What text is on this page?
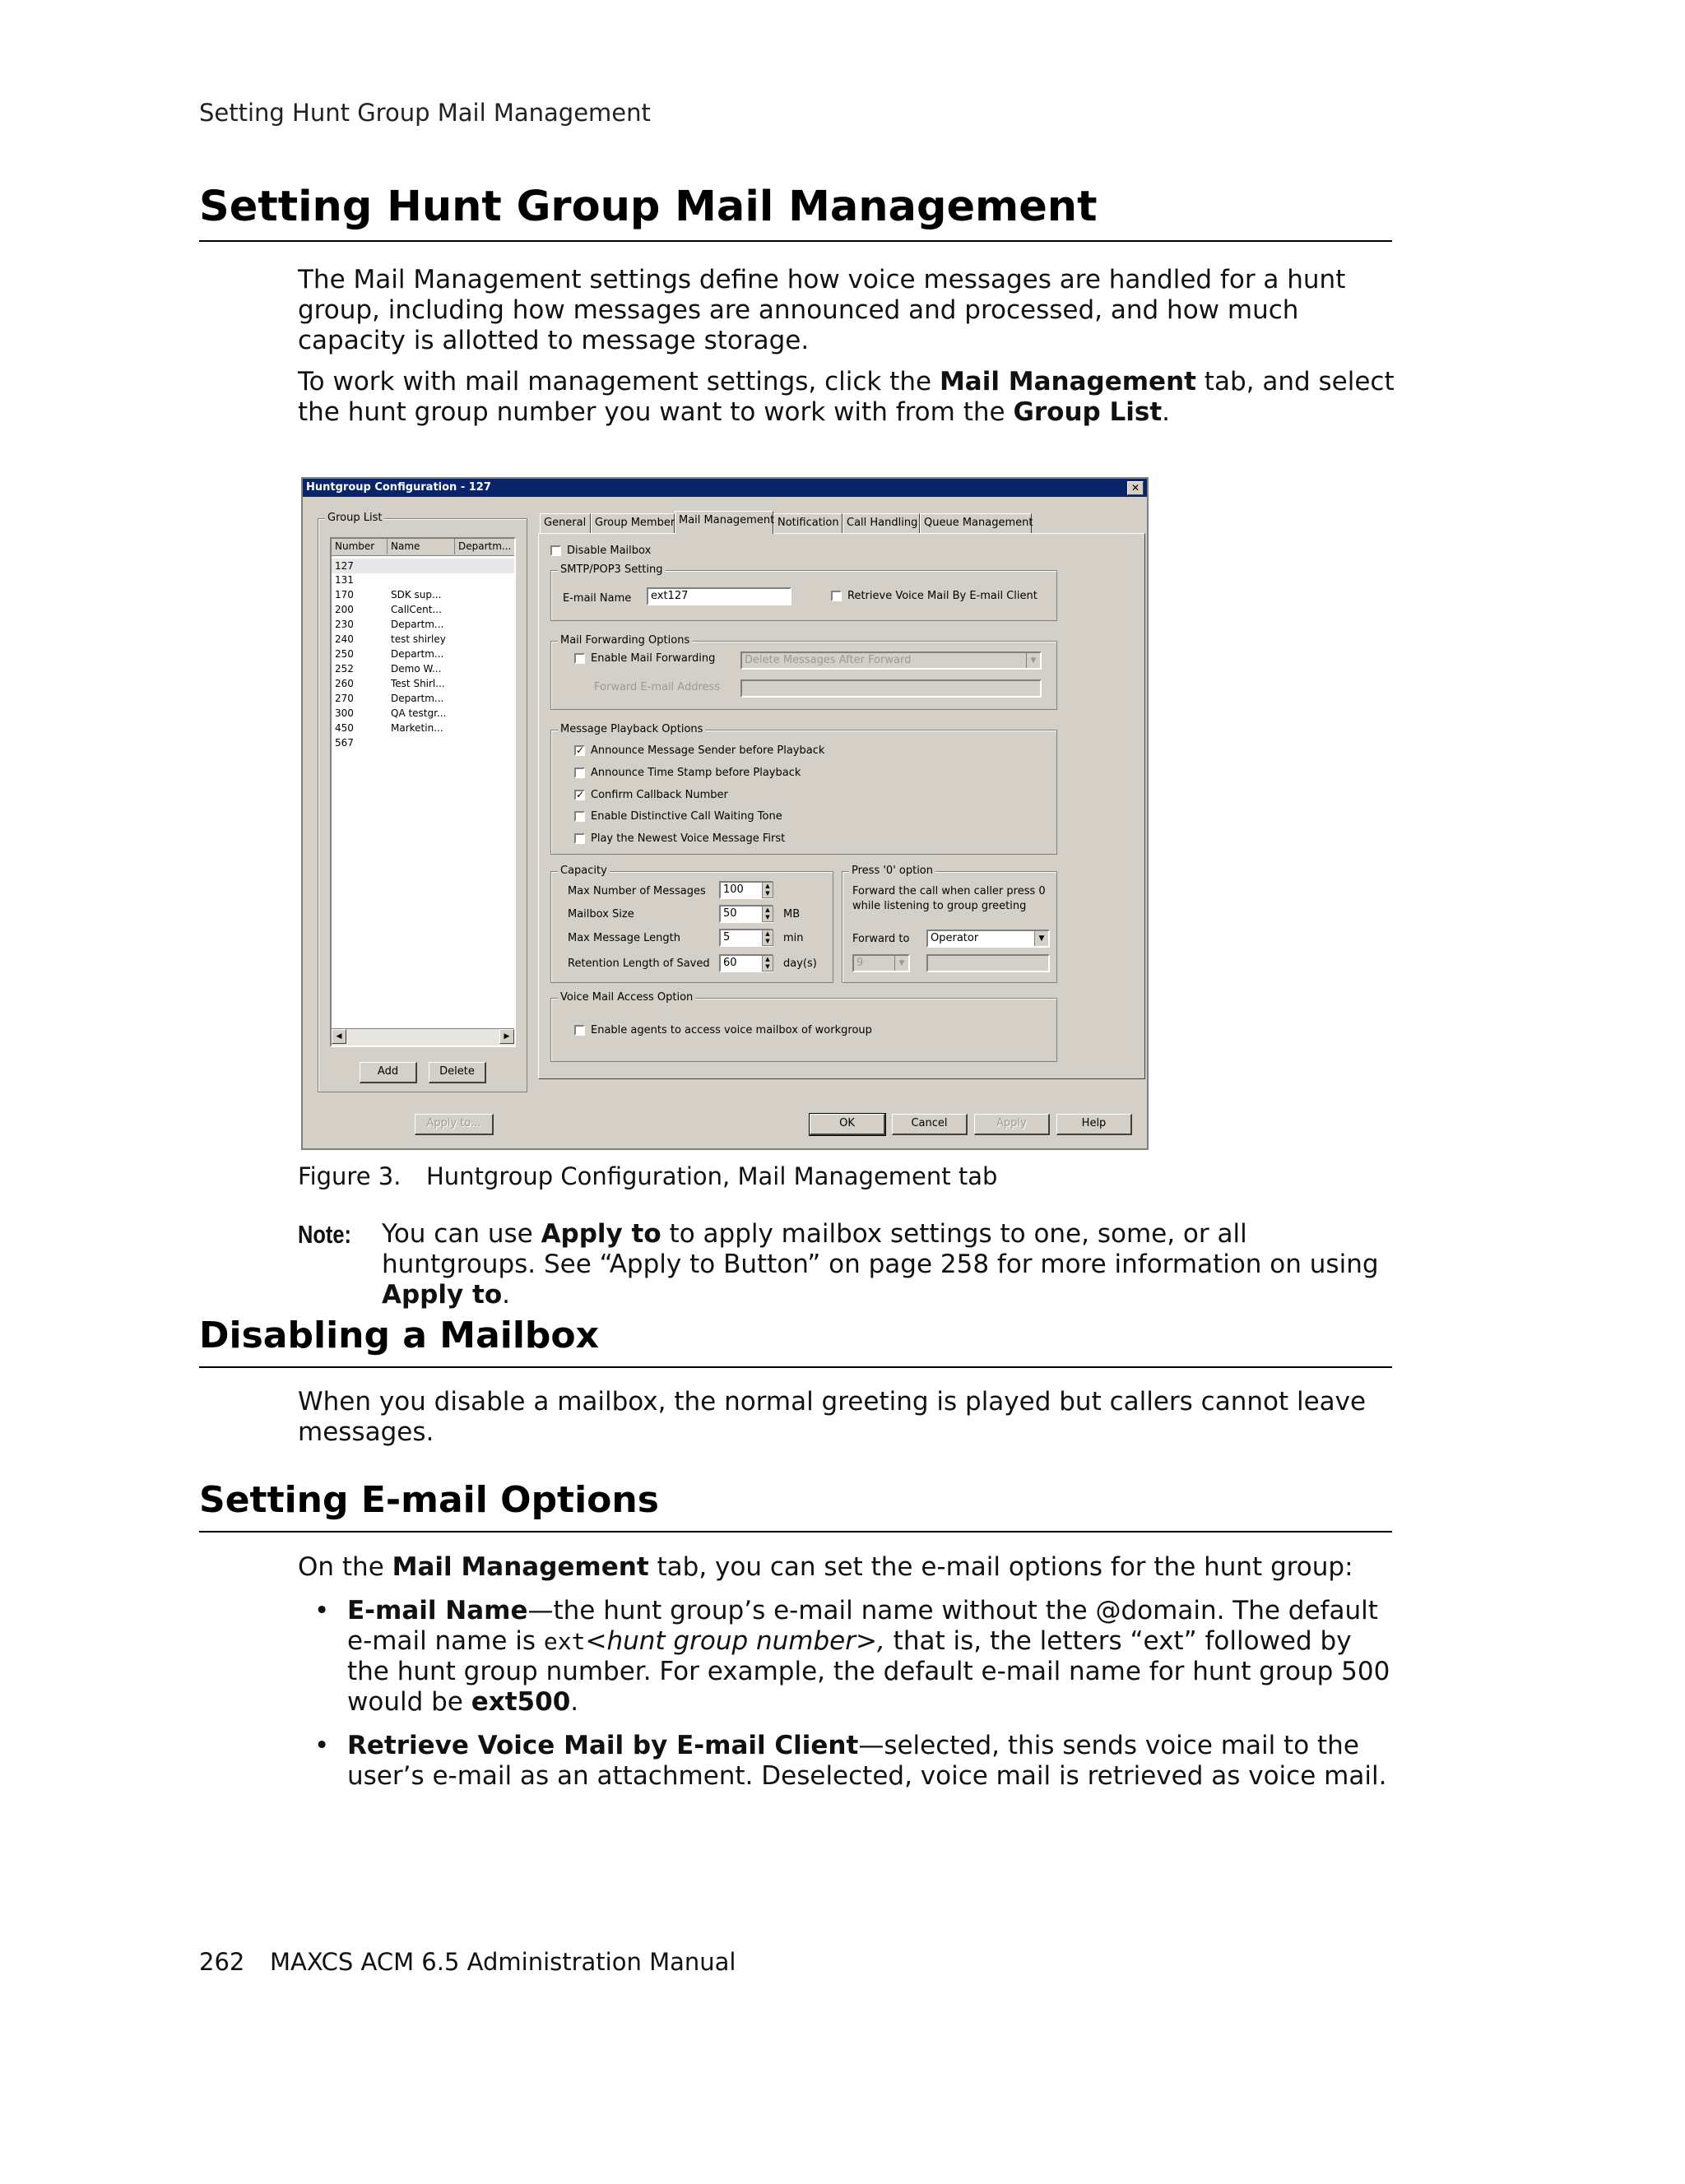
Setting Hunt Group Mail Management
Setting Hunt Group Mail Management

The Mail Management settings define how voice messages are handled for a hunt group, including how messages are announced and processed, and how much capacity is allotted to message storage.

To work with mail management settings, click the Mail Management tab, and select the hunt group number you want to work with from the Group List.

Huntgroup Configuration - 127	✕
Group List
Number	Name	Departm...
127
131
170	SDK sup...
200	CallCent...
230	Departm...
240	test shirley
250	Departm...
252	Demo W...
260	Test Shirl...
270	Departm...
300	QA testgr...
450	Marketin...
567
◀	▶
Add	Delete
General Group Member Mail Management Notification Call Handling Queue Management
Disable Mailbox
SMTP/POP3 Setting
E-mail Name	ext127	Retrieve Voice Mail By E-mail Client
Mail Forwarding Options
Enable Mail Forwarding	Delete Messages After Forward	▼
Forward E-mail Address
Message Playback Options
✓ Announce Message Sender before Playback
Announce Time Stamp before Playback
✓ Confirm Callback Number
Enable Distinctive Call Waiting Tone
Play the Newest Voice Message First
Capacity
Max Number of Messages	100	▲
▼
Mailbox Size	50	▲
▼	MB
Max Message Length	5	▲
▼	min
Retention Length of Saved	60	▲
▼	day(s)
Press '0' option
Forward the call when caller press 0
while listening to group greeting
Forward to	Operator	▼
9	▼
Voice Mail Access Option
Enable agents to access voice mailbox of workgroup
Apply to...	OK	Cancel	Apply	Help
Figure 3. Huntgroup Configuration, Mail Management tab
Note: You can use Apply to to apply mailbox settings to one, some, or all huntgroups. See “Apply to Button” on page 258 for more information on using Apply to.
Disabling a Mailbox
When you disable a mailbox, the normal greeting is played but callers cannot leave messages.
Setting E-mail Options
On the Mail Management tab, you can set the e-mail options for the hunt group:
• E-mail Name—the hunt group’s e-mail name without the @domain. The default e-mail name is ext<hunt group number>, that is, the letters “ext” followed by the hunt group number. For example, the default e-mail name for hunt group 500 would be ext500.
• Retrieve Voice Mail by E-mail Client—selected, this sends voice mail to the user’s e-mail as an attachment. Deselected, voice mail is retrieved as voice mail.
262 MAXCS ACM 6.5 Administration Manual
